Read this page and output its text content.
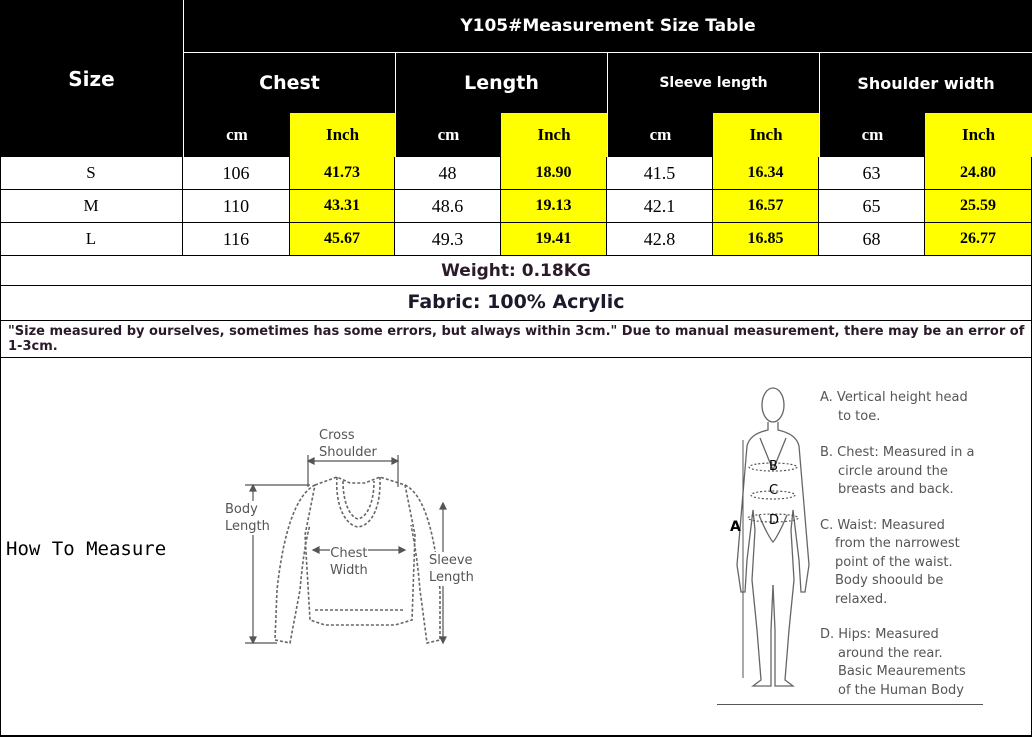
Size
Y105#Measurement Size Table
Chest	Length	Sleeve length	Shoulder width
cm	Inch	cm	Inch	cm	Inch	cm	Inch
S	106	41.73	48	18.90	41.5	16.34	63	24.80
M	110	43.31	48.6	19.13	42.1	16.57	65	25.59
L	116	45.67	49.3	19.41	42.8	16.85	68	26.77
Weight: 0.18KG
Fabric: 100% Acrylic
"Size measured by ourselves, sometimes has some errors, but always within 3cm." Due to manual measurement, there may be an error of 1-3cm.
How To Measure
Cross
Shoulder
Body
Length
Chest
Width
Sleeve
Length
A
B
C
D

A. Vertical height head

to toe.

B. Chest: Measured in a

circle around the

breasts and back.

C. Waist: Measured

from the narrowest

point of the waist.

Body shoould be

relaxed.

D. Hips: Measured

around the rear.

Basic Meaurements

of the Human Body
